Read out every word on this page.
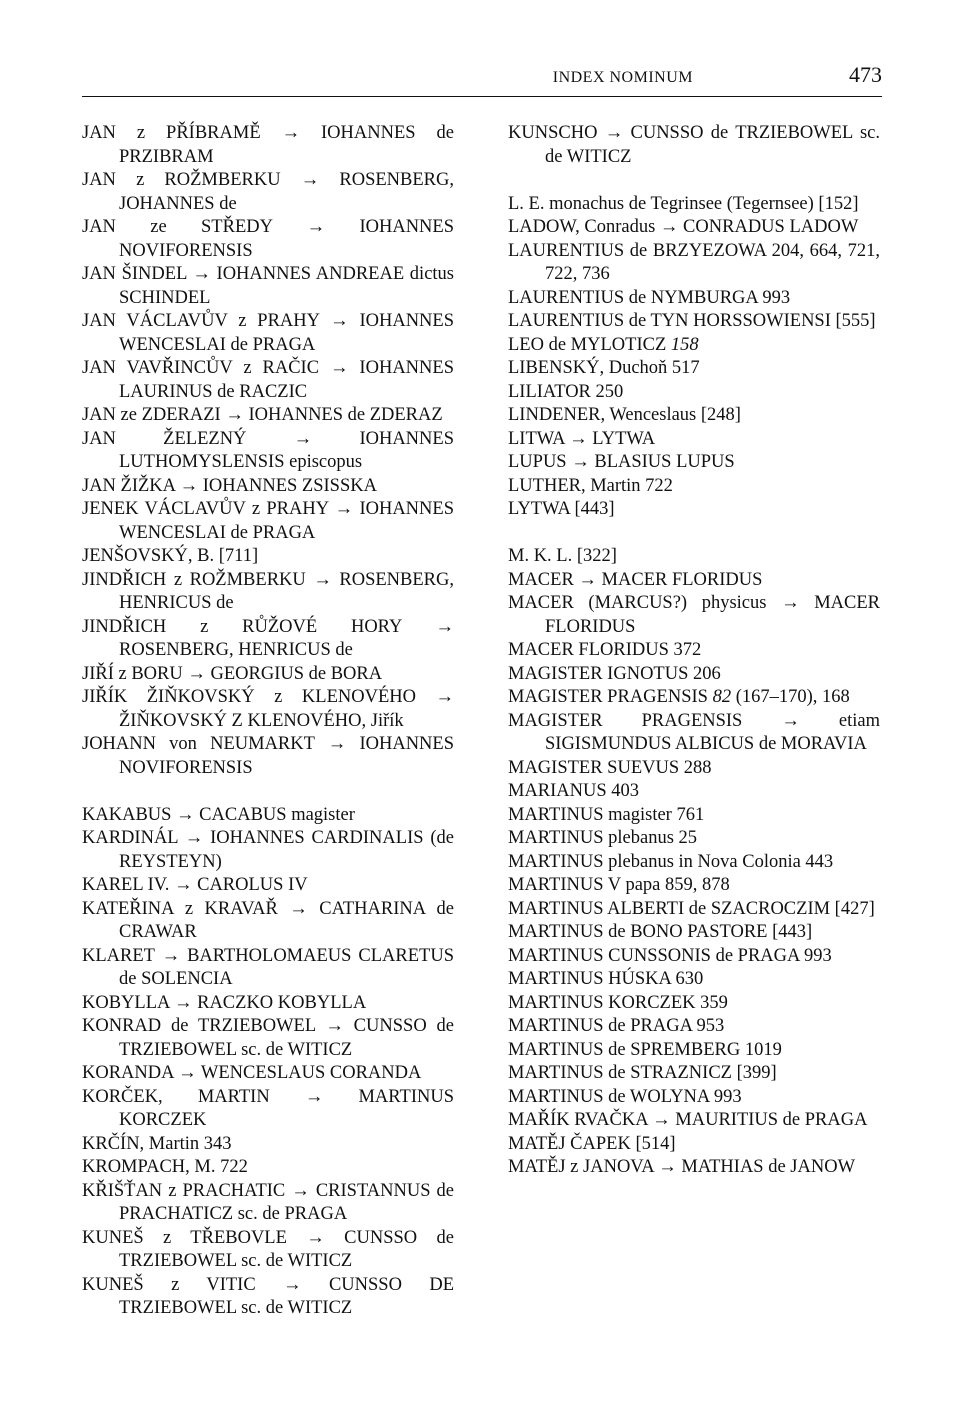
INDEX NOMINUM	473
JAN z PŘÍBRAMĚ → IOHANNES de PRZIBRAM
JAN z ROŽMBERKU → ROSENBERG, JOHANNES de
JAN ze STŘEDY → IOHANNES NOVIFORENSIS
JAN ŠINDEL → IOHANNES ANDREAE dictus SCHINDEL
JAN VÁCLAVŮV z PRAHY → IOHANNES WENCESLAI de PRAGA
JAN VAVŘINCŮV z RAČIC → IOHANNES LAURINUS de RACZIC
JAN ze ZDERAZI → IOHANNES de ZDERAZ
JAN ŽELEZNÝ → IOHANNES LUTHOMYSLENSIS episcopus
JAN ŽIŽKA → IOHANNES ZSISSKA
JENEK VÁCLAVŮV z PRAHY → IOHANNES WENCESLAI de PRAGA
JENŠOVSKÝ, B. [711]
JINDŘICH z ROŽMBERKU → ROSENBERG, HENRICUS de
JINDŘICH z RŮŽOVÉ HORY → ROSENBERG, HENRICUS de
JIŘÍ z BORU → GEORGIUS de BORA
JIŘÍK ŽIŇKOVSKÝ z KLENOVÉHO → ŽIŇKOVSKÝ Z KLENOVÉHO, Jiřík
JOHANN von NEUMARKT → IOHANNES NOVIFORENSIS
KAKABUS → CACABUS magister
KARDINÁL → IOHANNES CARDINALIS (de REYSTEYN)
KAREL IV. → CAROLUS IV
KATEŘINA z KRAVAŘ → CATHARINA de CRAWAR
KLARET → BARTHOLOMAEUS CLARETUS de SOLENCIA
KOBYLLA → RACZKO KOBYLLA
KONRAD de TRZIEBOWEL → CUNSSO de TRZIEBOWEL sc. de WITICZ
KORANDA → WENCESLAUS CORANDA
KORČEK, MARTIN → MARTINUS KORCZEK
KRČÍN, Martin 343
KROMPACH, M. 722
KŘIŠŤAN z PRACHATIC → CRISTANNUS de PRACHATICZ sc. de PRAGA
KUNEŠ z TŘEBOVLE → CUNSSO de TRZIEBOWEL sc. de WITICZ
KUNEŠ z VITIC → CUNSSO DE TRZIEBOWEL sc. de WITICZ
KUNSCHO → CUNSSO de TRZIEBOWEL sc. de WITICZ
L. E. monachus de Tegrinsee (Tegernsee) [152]
LADOW, Conradus → CONRADUS LADOW
LAURENTIUS de BRZYEZOWA 204, 664, 721, 722, 736
LAURENTIUS de NYMBURGA 993
LAURENTIUS de TYN HORSSOWIENSI [555]
LEO de MYLOTICZ 158
LIBENSKÝ, Duchoň 517
LILIATOR 250
LINDENER, Wenceslaus [248]
LITWA → LYTWA
LUPUS → BLASIUS LUPUS
LUTHER, Martin 722
LYTWA [443]
M. K. L. [322]
MACER → MACER FLORIDUS
MACER (MARCUS?) physicus → MACER FLORIDUS
MACER FLORIDUS 372
MAGISTER IGNOTUS 206
MAGISTER PRAGENSIS 82 (167–170), 168
MAGISTER PRAGENSIS → etiam SIGISMUNDUS ALBICUS de MORAVIA
MAGISTER SUEVUS 288
MARIANUS 403
MARTINUS magister 761
MARTINUS plebanus 25
MARTINUS plebanus in Nova Colonia 443
MARTINUS V papa 859, 878
MARTINUS ALBERTI de SZACROCZIM [427]
MARTINUS de BONO PASTORE [443]
MARTINUS CUNSSONIS de PRAGA 993
MARTINUS HÚSKA 630
MARTINUS KORCZEK 359
MARTINUS de PRAGA 953
MARTINUS de SPREMBERG 1019
MARTINUS de STRAZNICZ [399]
MARTINUS de WOLYNA 993
MAŘÍK RVAČKA → MAURITIUS de PRAGA
MATĚJ ČAPEK [514]
MATĚJ z JANOVA → MATHIAS de JANOW
